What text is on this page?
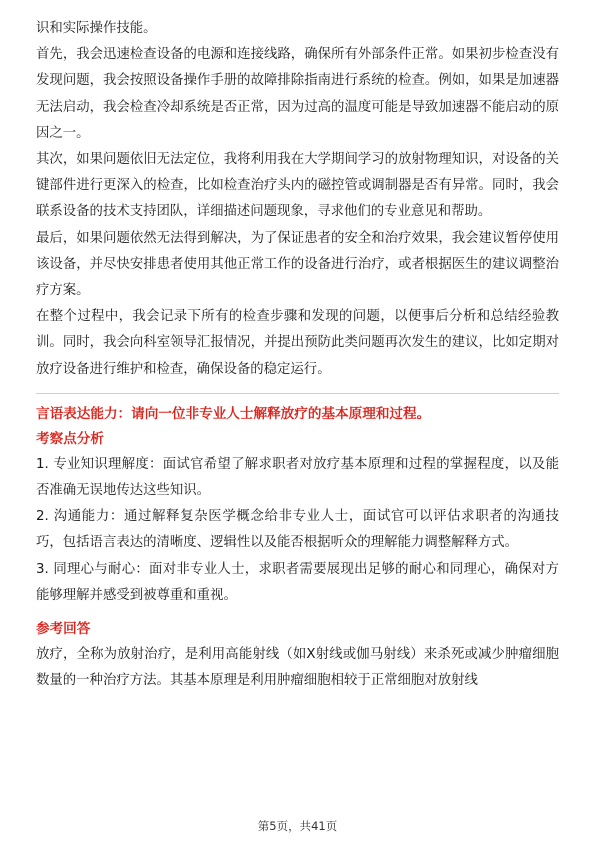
识和实际操作技能。

首先，我会迅速检查设备的电源和连接线路，确保所有外部条件正常。如果初步检查没有发现问题，我会按照设备操作手册的故障排除指南进行系统的检查。例如，如果是加速器无法启动，我会检查冷却系统是否正常，因为过高的温度可能是导致加速器不能启动的原因之一。

其次，如果问题依旧无法定位，我将利用我在大学期间学习的放射物理知识，对设备的关键部件进行更深入的检查，比如检查治疗头内的磁控管或调制器是否有异常。同时，我会联系设备的技术支持团队，详细描述问题现象，寻求他们的专业意见和帮助。

最后，如果问题依然无法得到解决，为了保证患者的安全和治疗效果，我会建议暂停使用该设备，并尽快安排患者使用其他正常工作的设备进行治疗，或者根据医生的建议调整治疗方案。

在整个过程中，我会记录下所有的检查步骤和发现的问题，以便事后分析和总结经验教训。同时，我会向科室领导汇报情况，并提出预防此类问题再次发生的建议，比如定期对放疗设备进行维护和检查，确保设备的稳定运行。

言语表达能力：请向一位非专业人士解释放疗的基本原理和过程。

考察点分析

1. 专业知识理解度：面试官希望了解求职者对放疗基本原理和过程的掌握程度，以及能否准确无误地传达这些知识。

2. 沟通能力：通过解释复杂医学概念给非专业人士，面试官可以评估求职者的沟通技巧，包括语言表达的清晰度、逻辑性以及能否根据听众的理解能力调整解释方式。

3. 同理心与耐心：面对非专业人士，求职者需要展现出足够的耐心和同理心，确保对方能够理解并感受到被尊重和重视。

参考回答

放疗，全称为放射治疗，是利用高能射线（如X射线或伽马射线）来杀死或减少肿瘤细胞数量的一种治疗方法。其基本原理是利用肿瘤细胞相较于正常细胞对放射线

第5页，共41页
